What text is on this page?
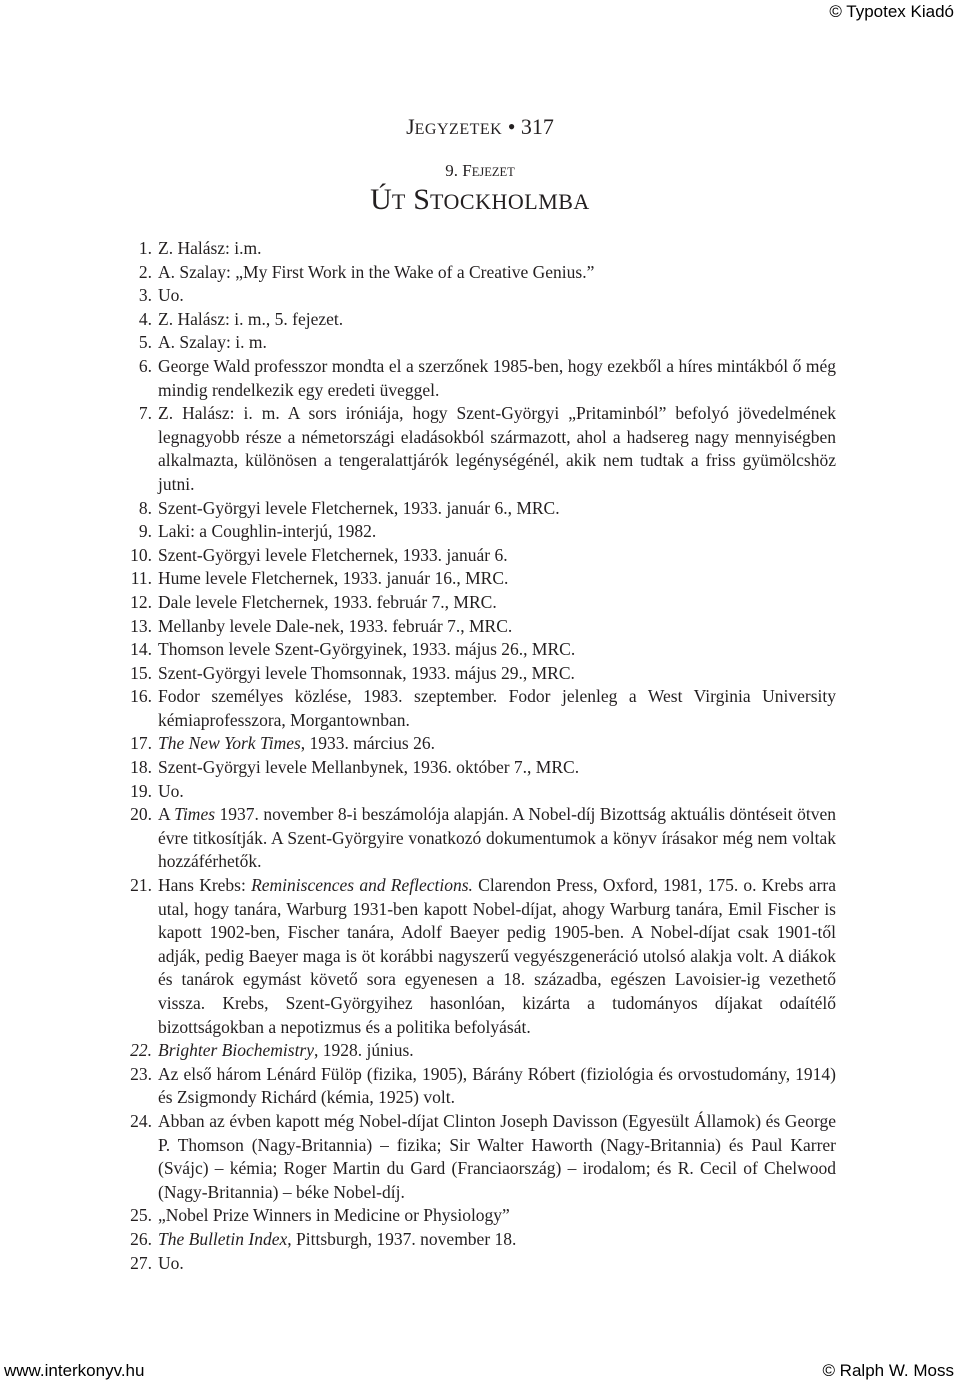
© Typotex Kiadó
JEGYZETEK • 317
9. FEJEZET
ÚT STOCKHOLMBA
1. Z. Halász: i.m.
2. A. Szalay: „My First Work in the Wake of a Creative Genius.”
3. Uo.
4. Z. Halász: i. m., 5. fejezet.
5. A. Szalay: i. m.
6. George Wald professzor mondta el a szerzőnek 1985-ben, hogy ezekből a híres mintákból ő még mindig rendelkezik egy eredeti üveggel.
7. Z. Halász: i. m. A sors iróniája, hogy Szent-Györgyi „Pritaminból” befolyó jövedelmének legnagyobb része a németországi eladásokból származott, ahol a hadsereg nagy mennyiségben alkalmazta, különösen a tengeralattjárók legénységénél, akik nem tudtak a friss gyümölcshöz jutni.
8. Szent-Györgyi levele Fletchernek, 1933. január 6., MRC.
9. Laki: a Coughlin-interjú, 1982.
10. Szent-Györgyi levele Fletchernek, 1933. január 6.
11. Hume levele Fletchernek, 1933. január 16., MRC.
12. Dale levele Fletchernek, 1933. február 7., MRC.
13. Mellanby levele Dale-nek, 1933. február 7., MRC.
14. Thomson levele Szent-Györgyinek, 1933. május 26., MRC.
15. Szent-Györgyi levele Thomsonnak, 1933. május 29., MRC.
16. Fodor személyes közlése, 1983. szeptember. Fodor jelenleg a West Virginia University kémiaprofesszora, Morgantownban.
17. The New York Times, 1933. március 26.
18. Szent-Györgyi levele Mellanbynek, 1936. október 7., MRC.
19. Uo.
20. A Times 1937. november 8-i beszámolója alapján. A Nobel-díj Bizottság aktuális döntéseit ötven évre titkosítják. A Szent-Györgyire vonatkozó dokumentumok a könyv írásakor még nem voltak hozzáférhetők.
21. Hans Krebs: Reminiscences and Reflections. Clarendon Press, Oxford, 1981, 175. o. Krebs arra utal, hogy tanára, Warburg 1931-ben kapott Nobel-díjat, ahogy Warburg tanára, Emil Fischer is kapott 1902-ben, Fischer tanára, Adolf Baeyer pedig 1905-ben. A Nobel-díjat csak 1901-től adják, pedig Baeyer maga is öt korábbi nagyszerű vegyészgeneráció utolsó alakja volt. A diákok és tanárok egymást követő sora egyenesen a 18. századba, egészen Lavoisier-ig vezethető vissza. Krebs, Szent-Györgyihez hasonlóan, kizárta a tudományos díjakat odaítélő bizottságokban a nepotizmus és a politika befolyását.
22. Brighter Biochemistry, 1928. június.
23. Az első három Lénárd Fülöp (fizika, 1905), Bárány Róbert (fiziológia és orvostudomány, 1914) és Zsigmondy Richárd (kémia, 1925) volt.
24. Abban az évben kapott még Nobel-díjat Clinton Joseph Davisson (Egyesült Államok) és George P. Thomson (Nagy-Britannia) – fizika; Sir Walter Haworth (Nagy-Britannia) és Paul Karrer (Svájc) – kémia; Roger Martin du Gard (Franciaország) – irodalom; és R. Cecil of Chelwood (Nagy-Britannia) – béke Nobel-díj.
25. „Nobel Prize Winners in Medicine or Physiology”
26. The Bulletin Index, Pittsburgh, 1937. november 18.
27. Uo.
www.interkonyv.hu	© Ralph W. Moss
